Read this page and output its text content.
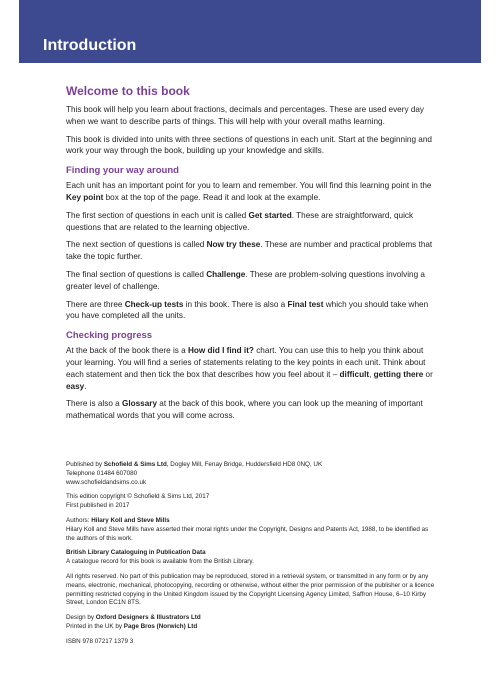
Introduction
Welcome to this book

This book will help you learn about fractions, decimals and percentages. These are used every day when we want to describe parts of things. This will help with your overall maths learning.

This book is divided into units with three sections of questions in each unit. Start at the beginning and work your way through the book, building up your knowledge and skills.

Finding your way around

Each unit has an important point for you to learn and remember. You will find this learning point in the Key point box at the top of the page. Read it and look at the example.

The first section of questions in each unit is called Get started. These are straightforward, quick questions that are related to the learning objective.

The next section of questions is called Now try these. These are number and practical problems that take the topic further.

The final section of questions is called Challenge. These are problem-solving questions involving a greater level of challenge.

There are three Check-up tests in this book. There is also a Final test which you should take when you have completed all the units.

Checking progress

At the back of the book there is a How did I find it? chart. You can use this to help you think about your learning. You will find a series of statements relating to the key points in each unit. Think about each statement and then tick the box that describes how you feel about it – difficult, getting there or easy.

There is also a Glossary at the back of this book, where you can look up the meaning of important mathematical words that you will come across.

Published by Schofield & Sims Ltd, Dogley Mill, Fenay Bridge, Huddersfield HD8 0NQ, UK
Telephone 01484 607080
www.schofieldandsims.co.uk

This edition copyright © Schofield & Sims Ltd, 2017
First published in 2017

Authors: Hilary Koll and Steve Mills
Hilary Koll and Steve Mills have asserted their moral rights under the Copyright, Designs and Patents Act, 1988, to be identified as the authors of this work.

British Library Cataloguing in Publication Data
A catalogue record for this book is available from the British Library.

All rights reserved. No part of this publication may be reproduced, stored in a retrieval system, or transmitted in any form or by any means, electronic, mechanical, photocopying, recording or otherwise, without either the prior permission of the publisher or a licence permitting restricted copying in the United Kingdom issued by the Copyright Licensing Agency Limited, Saffron House, 6–10 Kirby Street, London EC1N 8TS.

Design by Oxford Designers & Illustrators Ltd
Printed in the UK by Page Bros (Norwich) Ltd

ISBN 978 07217 1379 3
